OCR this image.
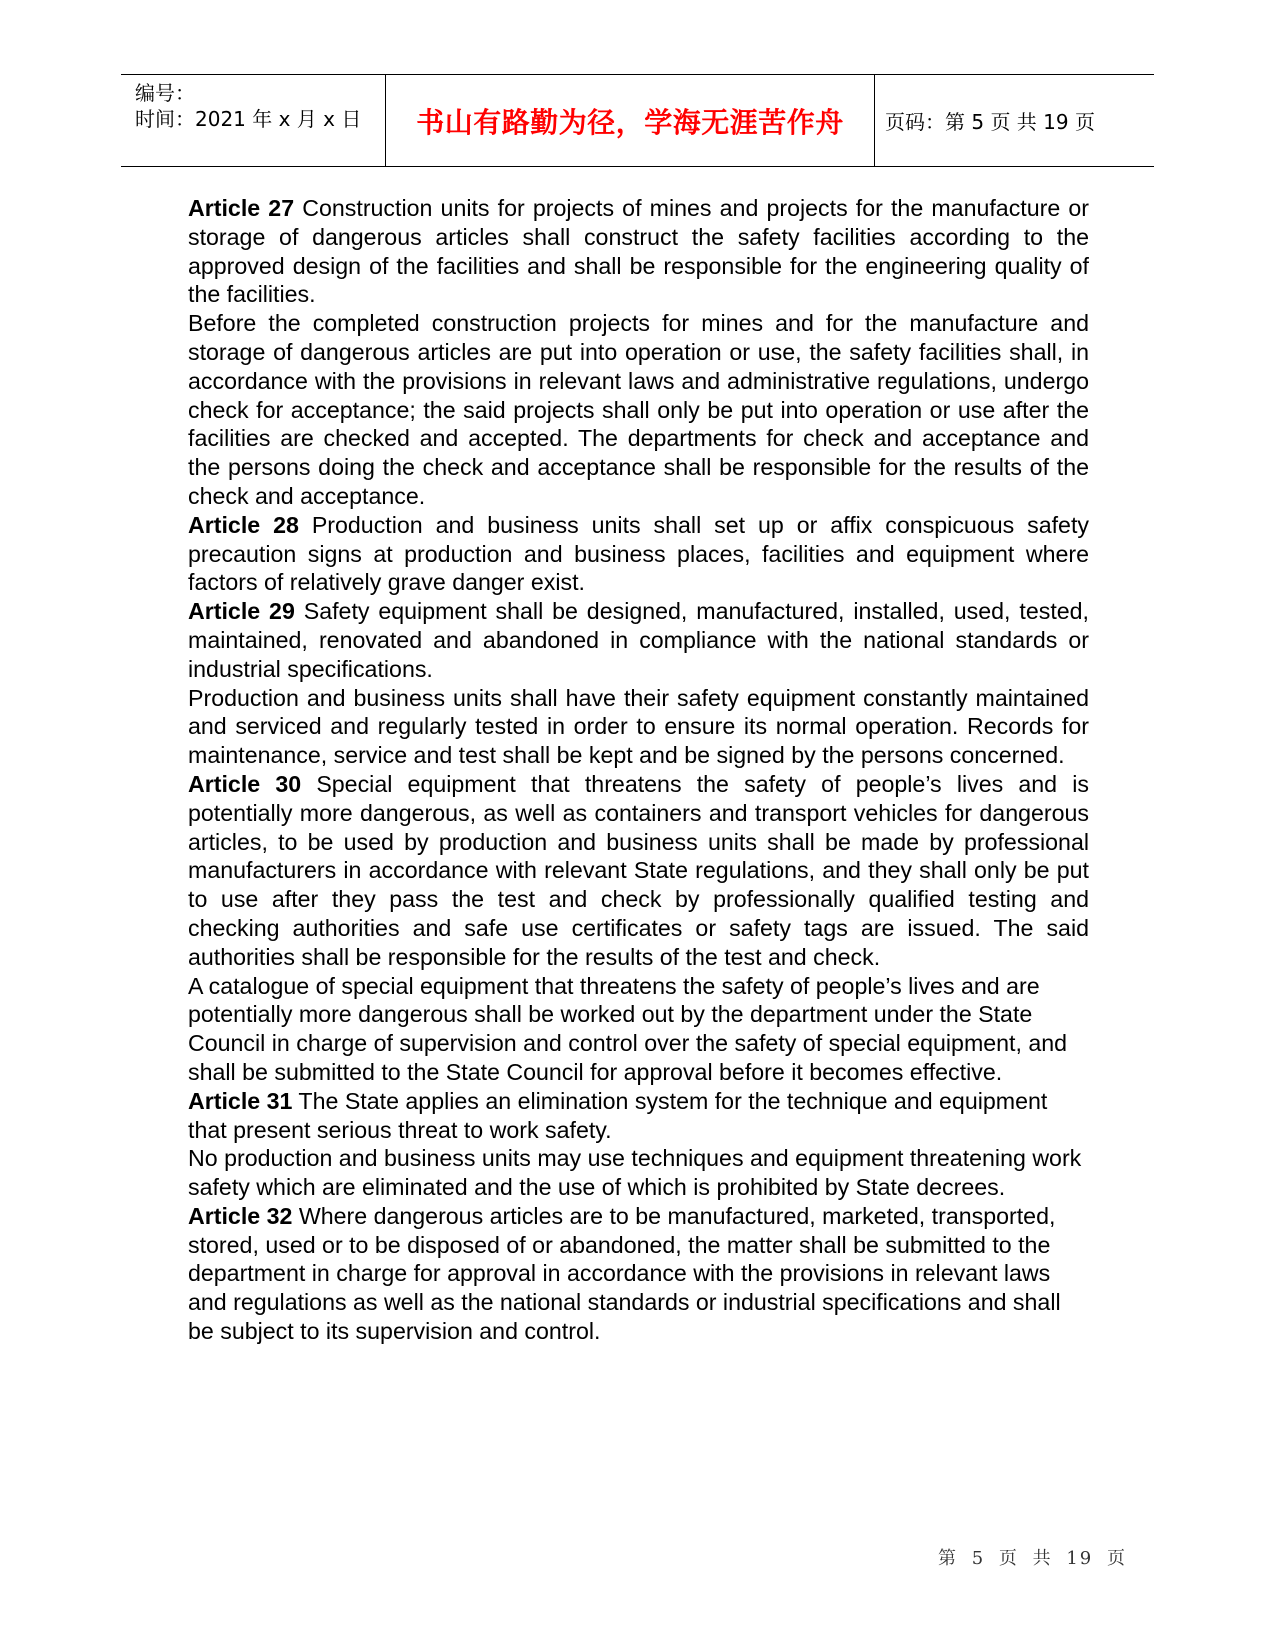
编号：
时间：2021 年 x 月 x 日 书山有路勤为径，学海无涯苦作舟 页码：第 5 页 共 19 页

Article 27 Construction units for projects of mines and projects for the manufacture or storage of dangerous articles shall construct the safety facilities according to the approved design of the facilities and shall be responsible for the engineering quality of the facilities.

Before the completed construction projects for mines and for the manufacture and storage of dangerous articles are put into operation or use, the safety facilities shall, in accordance with the provisions in relevant laws and administrative regulations, undergo check for acceptance; the said projects shall only be put into operation or use after the facilities are checked and accepted. The departments for check and acceptance and the persons doing the check and acceptance shall be responsible for the results of the check and acceptance.

Article 28 Production and business units shall set up or affix conspicuous safety precaution signs at production and business places, facilities and equipment where factors of relatively grave danger exist.

Article 29 Safety equipment shall be designed, manufactured, installed, used, tested, maintained, renovated and abandoned in compliance with the national standards or industrial specifications.

Production and business units shall have their safety equipment constantly maintained and serviced and regularly tested in order to ensure its normal operation. Records for maintenance, service and test shall be kept and be signed by the persons concerned.

Article 30 Special equipment that threatens the safety of people’s lives and is potentially more dangerous, as well as containers and transport vehicles for dangerous articles, to be used by production and business units shall be made by professional manufacturers in accordance with relevant State regulations, and they shall only be put to use after they pass the test and check by professionally qualified testing and checking authorities and safe use certificates or safety tags are issued. The said authorities shall be responsible for the results of the test and check.

A catalogue of special equipment that threatens the safety of people’s lives and are potentially more dangerous shall be worked out by the department under the State Council in charge of supervision and control over the safety of special equipment, and shall be submitted to the State Council for approval before it becomes effective.

Article 31 The State applies an elimination system for the technique and equipment that present serious threat to work safety.

No production and business units may use techniques and equipment threatening work safety which are eliminated and the use of which is prohibited by State decrees.

Article 32 Where dangerous articles are to be manufactured, marketed, transported, stored, used or to be disposed of or abandoned, the matter shall be submitted to the department in charge for approval in accordance with the provisions in relevant laws and regulations as well as the national standards or industrial specifications and shall be subject to its supervision and control.

第 5 页 共 19 页
